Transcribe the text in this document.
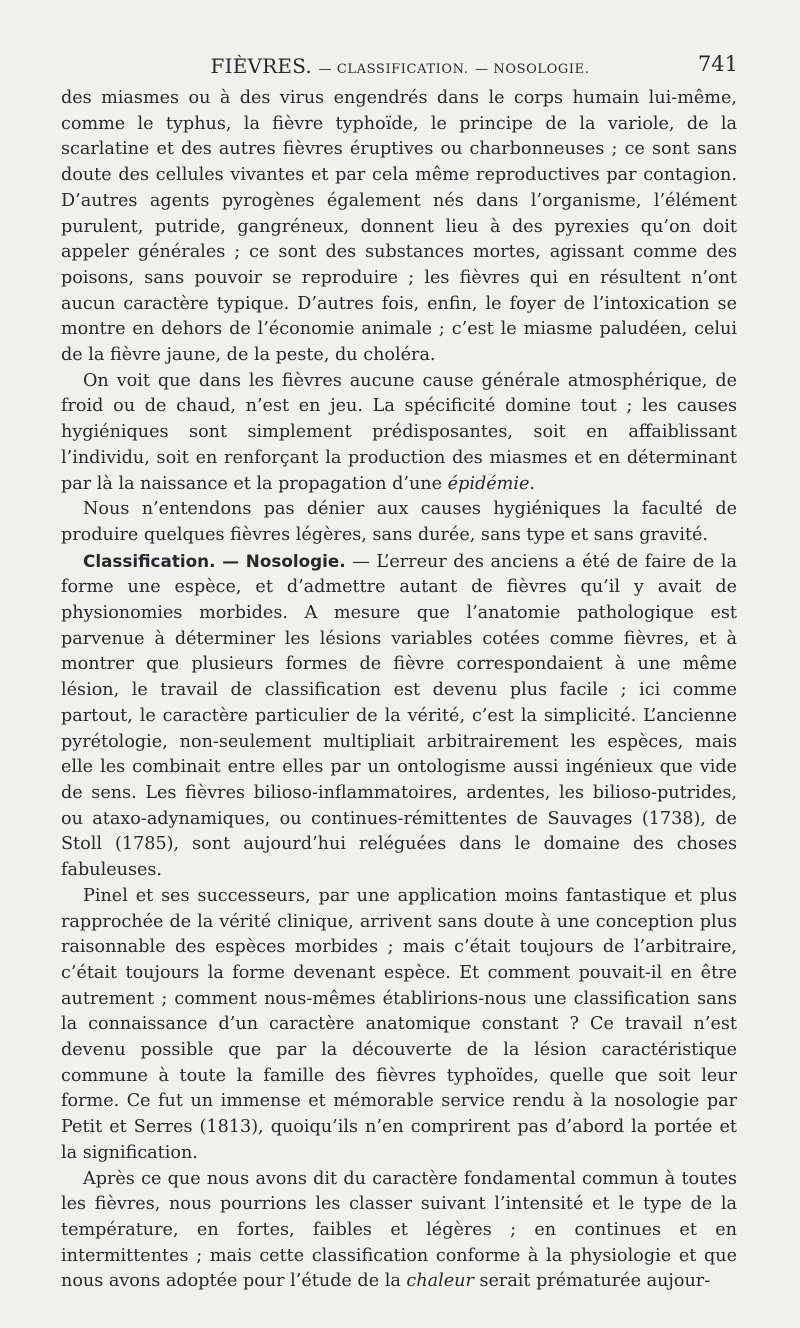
FIÈVRES. — CLASSIFICATION. — NOSOLOGIE.	741

des miasmes ou à des virus engendrés dans le corps humain lui-même, comme le typhus, la fièvre typhoïde, le principe de la variole, de la scarlatine et des autres fièvres éruptives ou charbonneuses ; ce sont sans doute des cellules vivantes et par cela même reproductives par contagion. D’autres agents pyrogènes également nés dans l’organisme, l’élément purulent, putride, gangréneux, donnent lieu à des pyrexies qu’on doit appeler générales ; ce sont des substances mortes, agissant comme des poisons, sans pouvoir se reproduire ; les fièvres qui en résultent n’ont aucun caractère typique. D’autres fois, enfin, le foyer de l’intoxication se montre en dehors de l’économie animale ; c’est le miasme paludéen, celui de la fièvre jaune, de la peste, du choléra.

On voit que dans les fièvres aucune cause générale atmosphérique, de froid ou de chaud, n’est en jeu. La spécificité domine tout ; les causes hygiéniques sont simplement prédisposantes, soit en affaiblissant l’individu, soit en renforçant la production des miasmes et en déterminant par là la naissance et la propagation d’une épidémie.

Nous n’entendons pas dénier aux causes hygiéniques la faculté de produire quelques fièvres légères, sans durée, sans type et sans gravité.

Classification. — Nosologie. — L’erreur des anciens a été de faire de la forme une espèce, et d’admettre autant de fièvres qu’il y avait de physionomies morbides. A mesure que l’anatomie pathologique est parvenue à déterminer les lésions variables cotées comme fièvres, et à montrer que plusieurs formes de fièvre correspondaient à une même lésion, le travail de classification est devenu plus facile ; ici comme partout, le caractère particulier de la vérité, c’est la simplicité. L’ancienne pyrétologie, non-seulement multipliait arbitrairement les espèces, mais elle les combinait entre elles par un ontologisme aussi ingénieux que vide de sens. Les fièvres bilioso-inflammatoires, ardentes, les bilioso-putrides, ou ataxo-adynamiques, ou continues-rémittentes de Sauvages (1738), de Stoll (1785), sont aujourd’hui reléguées dans le domaine des choses fabuleuses.

Pinel et ses successeurs, par une application moins fantastique et plus rapprochée de la vérité clinique, arrivent sans doute à une conception plus raisonnable des espèces morbides ; mais c’était toujours de l’arbitraire, c’était toujours la forme devenant espèce. Et comment pouvait-il en être autrement ; comment nous-mêmes établirions-nous une classification sans la connaissance d’un caractère anatomique constant ? Ce travail n’est devenu possible que par la découverte de la lésion caractéristique commune à toute la famille des fièvres typhoïdes, quelle que soit leur forme. Ce fut un immense et mémorable service rendu à la nosologie par Petit et Serres (1813), quoiqu’ils n’en comprirent pas d’abord la portée et la signification.

Après ce que nous avons dit du caractère fondamental commun à toutes les fièvres, nous pourrions les classer suivant l’intensité et le type de la température, en fortes, faibles et légères ; en continues et en intermittentes ; mais cette classification conforme à la physiologie et que nous avons adoptée pour l’étude de la chaleur serait prématurée aujour-
